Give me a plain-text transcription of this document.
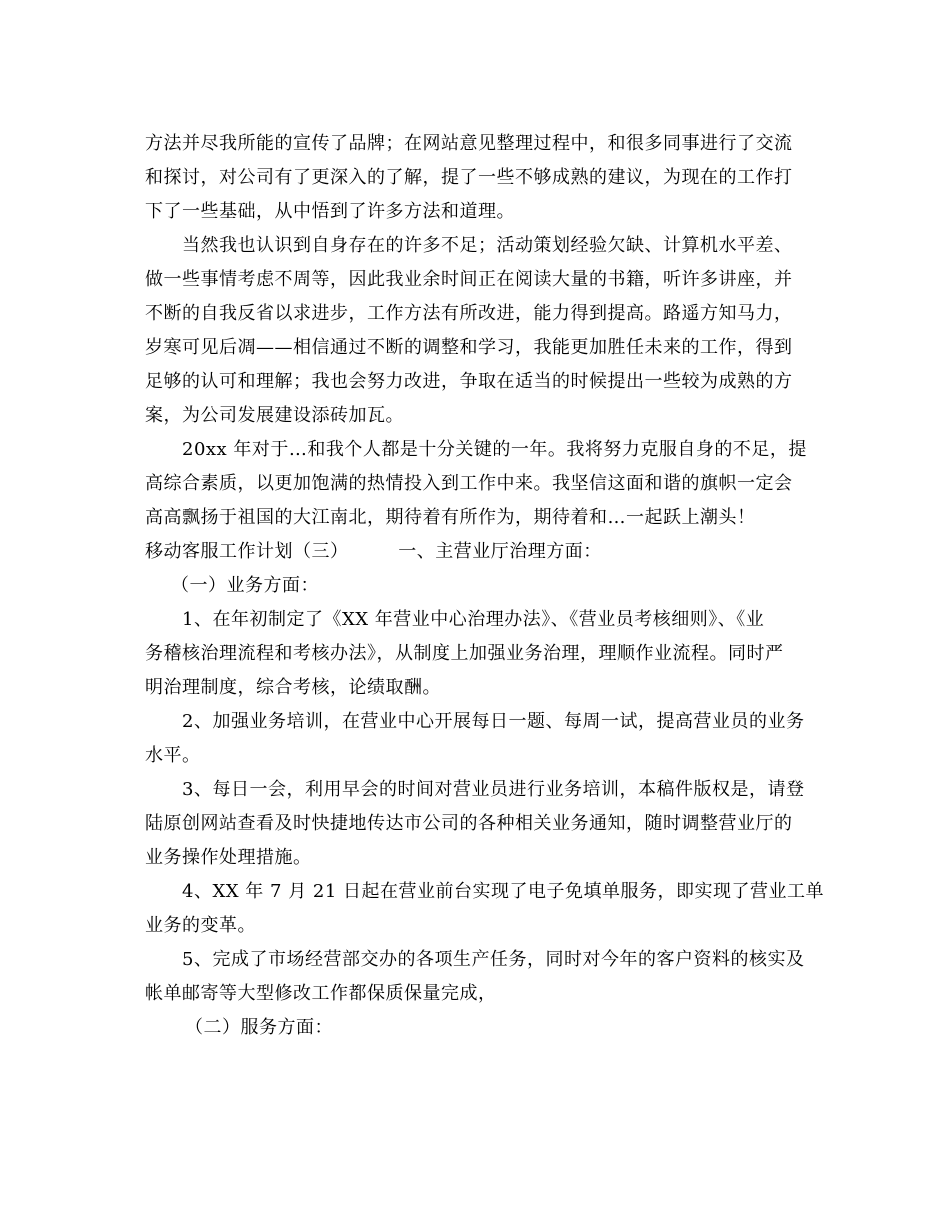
方法并尽我所能的宣传了品牌；在网站意见整理过程中，和很多同事进行了交流
和探讨，对公司有了更深入的了解，提了一些不够成熟的建议，为现在的工作打
下了一些基础，从中悟到了许多方法和道理。
当然我也认识到自身存在的许多不足；活动策划经验欠缺、计算机水平差、
做一些事情考虑不周等，因此我业余时间正在阅读大量的书籍，听许多讲座，并
不断的自我反省以求进步，工作方法有所改进，能力得到提高。路遥方知马力，
岁寒可见后凋——相信通过不断的调整和学习，我能更加胜任未来的工作，得到
足够的认可和理解；我也会努力改进，争取在适当的时候提出一些较为成熟的方
案，为公司发展建设添砖加瓦。
20xx 年对于…和我个人都是十分关键的一年。我将努力克服自身的不足，提
高综合素质，以更加饱满的热情投入到工作中来。我坚信这面和谐的旗帜一定会
高高飘扬于祖国的大江南北，期待着有所作为，期待着和…一起跃上潮头！
移动客服工作计划（三）        一、主营业厅治理方面：
（一）业务方面：
1、在年初制定了《XX 年营业中心治理办法》、《营业员考核细则》、《业
务稽核治理流程和考核办法》，从制度上加强业务治理，理顺作业流程。同时严
明治理制度，综合考核，论绩取酬。
2、加强业务培训，在营业中心开展每日一题、每周一试，提高营业员的业务
水平。
3、每日一会，利用早会的时间对营业员进行业务培训，本稿件版权是，请登
陆原创网站查看及时快捷地传达市公司的各种相关业务通知，随时调整营业厅的
业务操作处理措施。
4、XX 年 7 月 21 日起在营业前台实现了电子免填单服务，即实现了营业工单
业务的变革。
5、完成了市场经营部交办的各项生产任务，同时对今年的客户资料的核实及
帐单邮寄等大型修改工作都保质保量完成，
（二）服务方面：
